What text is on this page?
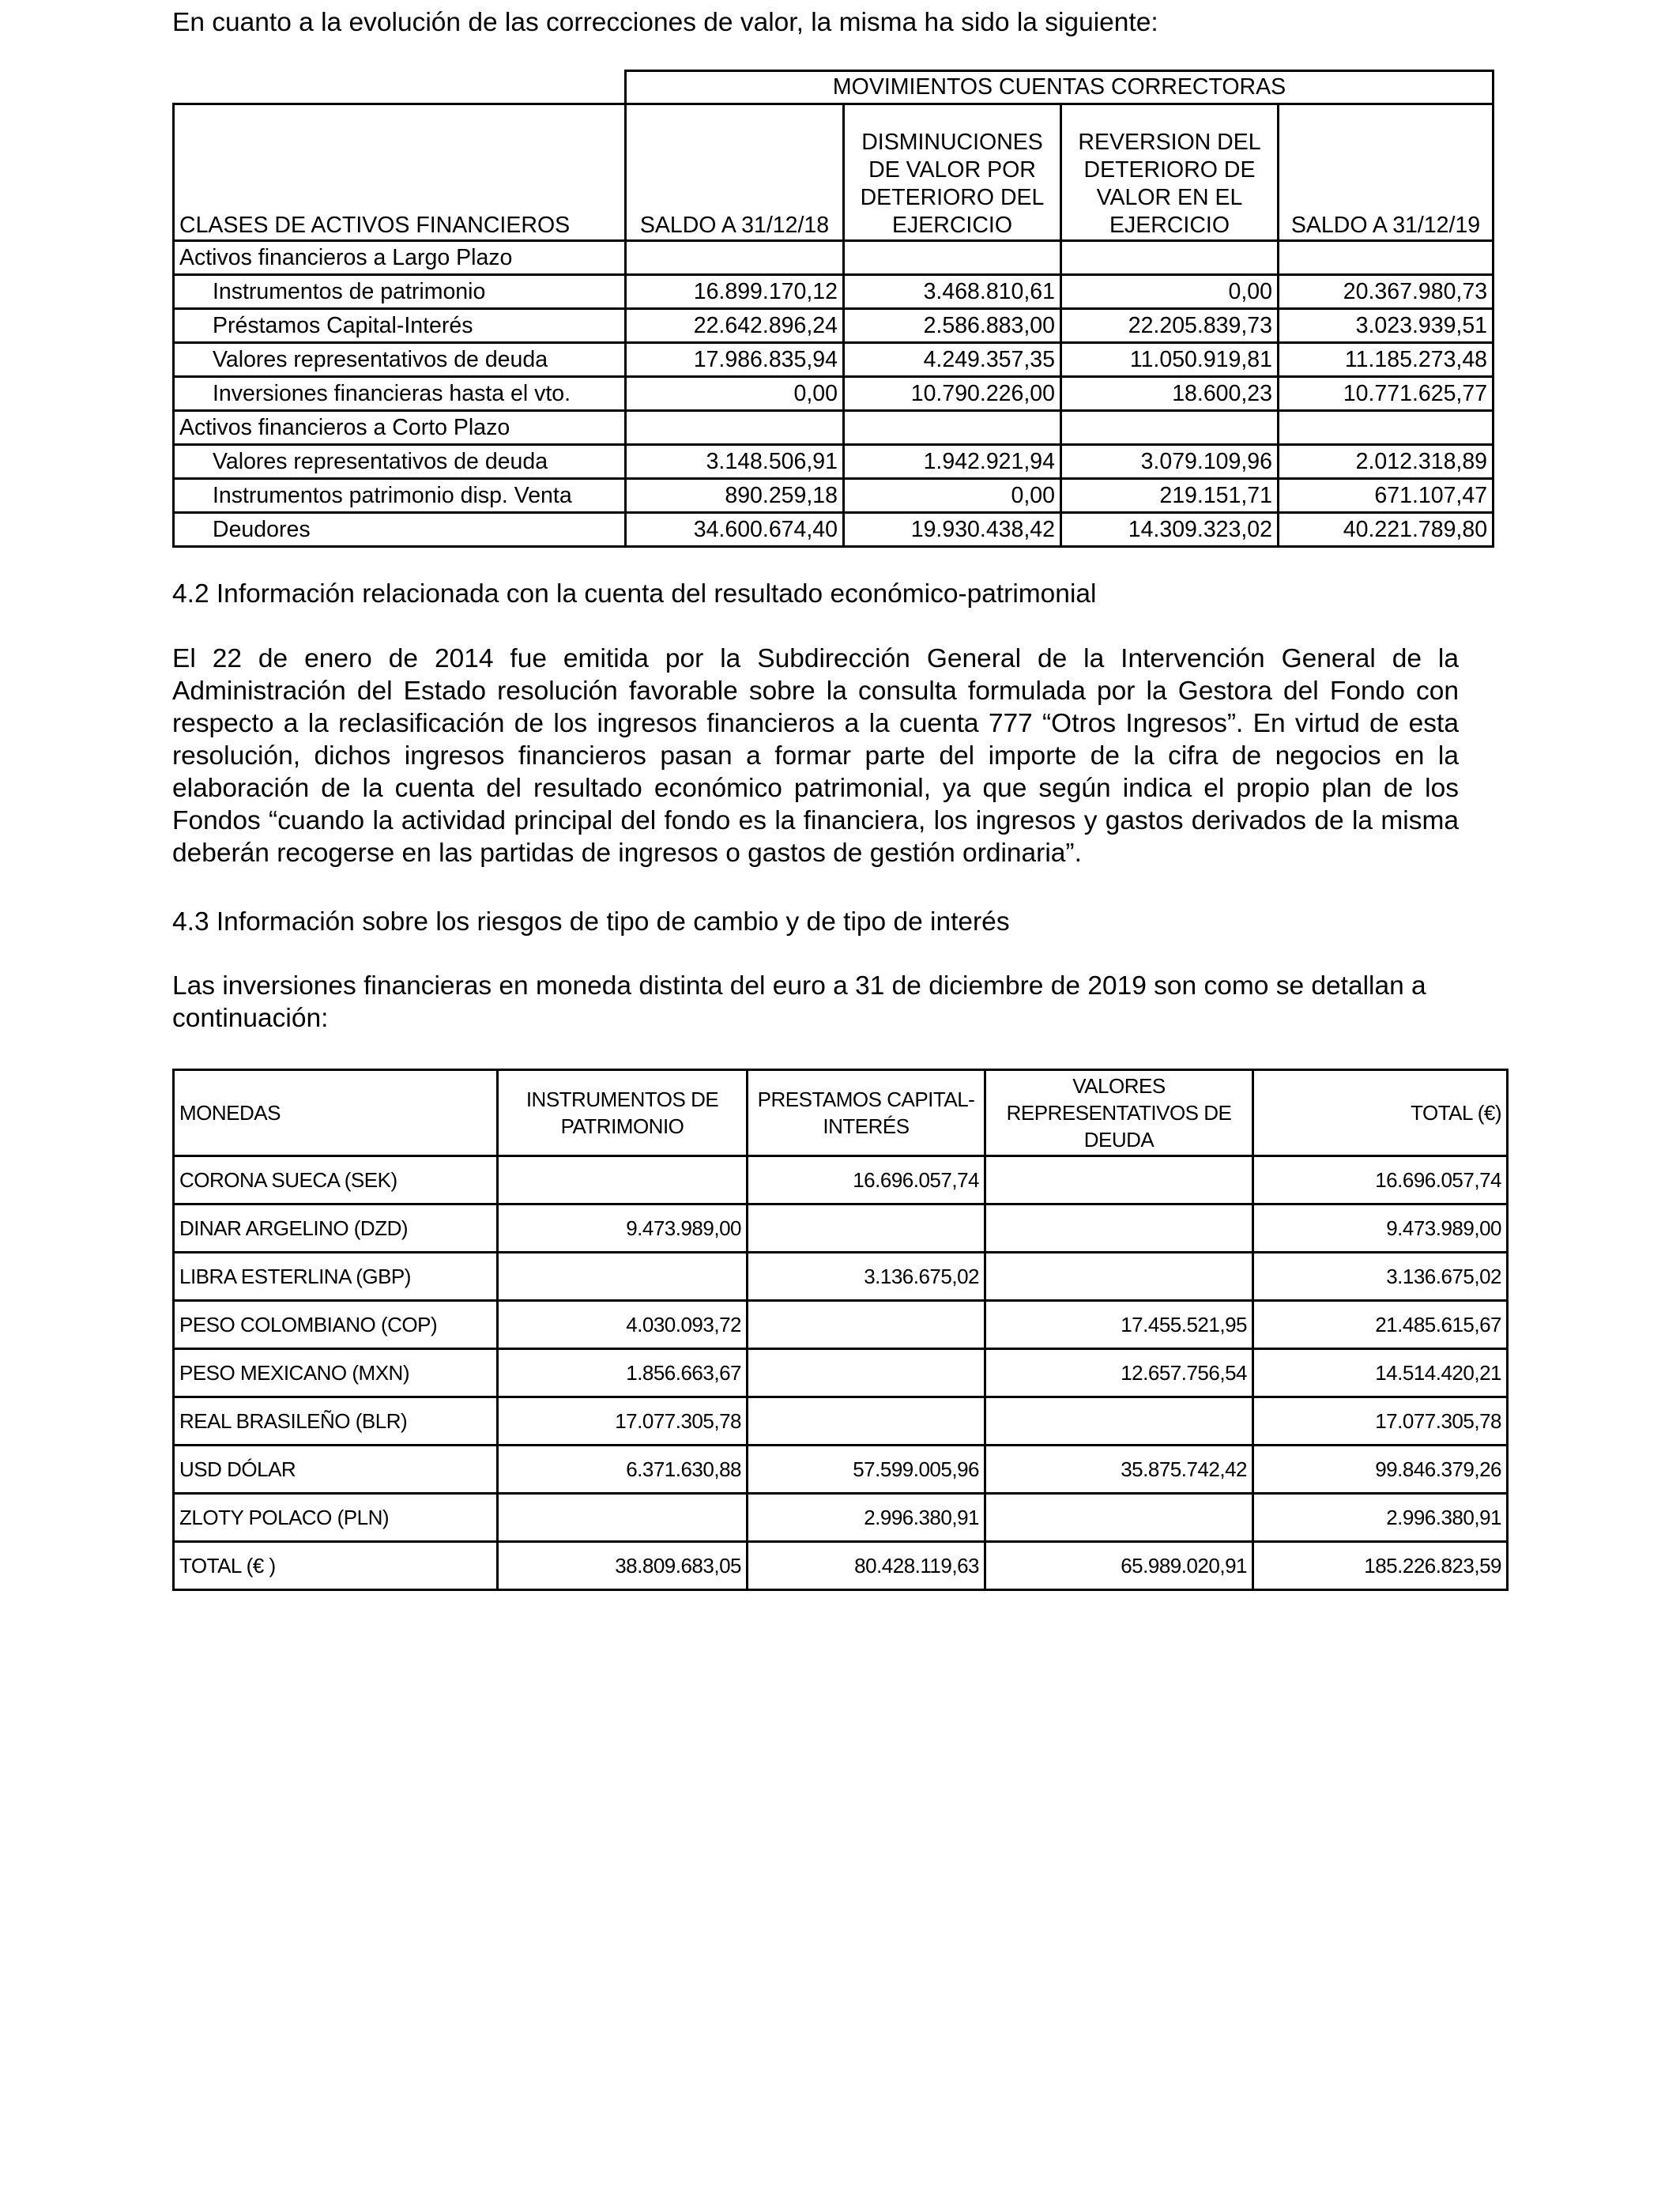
En cuanto a la evolución de las correcciones de valor, la misma ha sido la siguiente:

	MOVIMIENTOS CUENTAS CORRECTORAS			
CLASES DE ACTIVOS FINANCIEROS	SALDO A 31/12/18	DISMINUCIONES DE VALOR POR DETERIORO DEL EJERCICIO	REVERSION DEL DETERIORO DE VALOR EN EL EJERCICIO	SALDO A 31/12/19
Activos financieros a Largo Plazo				
Instrumentos de patrimonio	16.899.170,12	3.468.810,61	0,00	20.367.980,73
Préstamos Capital-Interés	22.642.896,24	2.586.883,00	22.205.839,73	3.023.939,51
Valores representativos de deuda	17.986.835,94	4.249.357,35	11.050.919,81	11.185.273,48
Inversiones financieras hasta el vto.	0,00	10.790.226,00	18.600,23	10.771.625,77
Activos financieros a Corto Plazo				
Valores representativos de deuda	3.148.506,91	1.942.921,94	3.079.109,96	2.012.318,89
Instrumentos patrimonio disp. Venta	890.259,18	0,00	219.151,71	671.107,47
Deudores	34.600.674,40	19.930.438,42	14.309.323,02	40.221.789,80

4.2 Información relacionada con la cuenta del resultado económico-patrimonial

El 22 de enero de 2014 fue emitida por la Subdirección General de la Intervención General de la Administración del Estado resolución favorable sobre la consulta formulada por la Gestora del Fondo con respecto a la reclasificación de los ingresos financieros a la cuenta 777 “Otros Ingresos”. En virtud de esta resolución, dichos ingresos financieros pasan a formar parte del importe de la cifra de negocios en la elaboración de la cuenta del resultado económico patrimonial, ya que según indica el propio plan de los Fondos “cuando la actividad principal del fondo es la financiera, los ingresos y gastos derivados de la misma deberán recogerse en las partidas de ingresos o gastos de gestión ordinaria”.

4.3 Información sobre los riesgos de tipo de cambio y de tipo de interés

Las inversiones financieras en moneda distinta del euro a 31 de diciembre de 2019 son como se detallan a continuación:

MONEDAS	INSTRUMENTOS DE PATRIMONIO	PRESTAMOS CAPITAL-INTERÉS	VALORES REPRESENTATIVOS DE DEUDA	TOTAL (€)
CORONA SUECA (SEK)		16.696.057,74		16.696.057,74
DINAR ARGELINO (DZD)	9.473.989,00			9.473.989,00
LIBRA ESTERLINA (GBP)		3.136.675,02		3.136.675,02
PESO COLOMBIANO (COP)	4.030.093,72		17.455.521,95	21.485.615,67
PESO MEXICANO (MXN)	1.856.663,67		12.657.756,54	14.514.420,21
REAL BRASILEÑO (BLR)	17.077.305,78			17.077.305,78
USD DÓLAR	6.371.630,88	57.599.005,96	35.875.742,42	99.846.379,26
ZLOTY POLACO (PLN)		2.996.380,91		2.996.380,91
TOTAL (€ )	38.809.683,05	80.428.119,63	65.989.020,91	185.226.823,59
